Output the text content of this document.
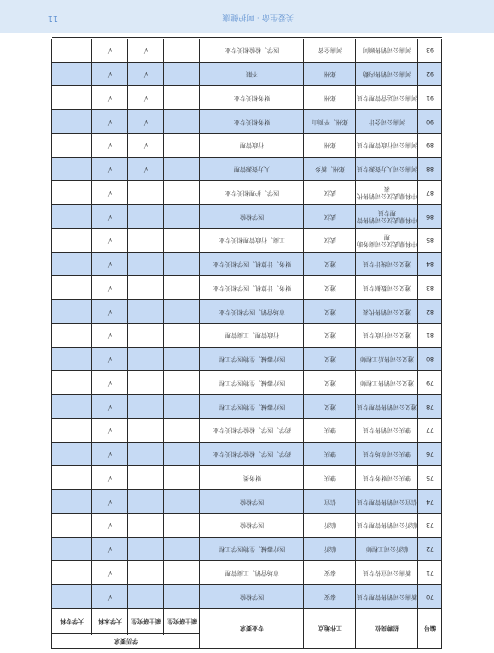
编号
招聘岗位
工作地点
专业要求
学历要求
硕士研究生
硕士研究生
大学本科
大学专科
70
新南公司销售管理专员
泰安
医学检验
√
71
新南公司宣传专员
泰安
市场营销、工商管理
√
72
临沂公司工程师
临沂
医疗器械、生物医学工程
√
73
临沂公司销售管理专员
临沂
医学检验
√
74
信宜公司销售管理专员
信宜
医学检验
√
75
肇庆公司财务专员
肇庆
财务类
√
76
肇庆公司市场专员
肇庆
药学、医学、检验学相关专业
√
77
肇庆公司销售专员
肇庆
药学、医学、检验学相关专业
√
78
遵义公司销售管理专员
遵义
医疗器械、生物医学工程
√
79
遵义公司销售工程师
遵义
医疗器械、生物医学工程
√
80
遵义公司售后工程师
遵义
医疗器械、生物医学工程
√
81
遵义公司行政专员
遵义
行政管理、工商管理
√
82
遵义公司销售代表
遵义
市场营销、医学相关专业
√
83
遵义公司数据专员
遵义
财务、计算机、医学相关专业
√
84
遵义公司统计专员
遵义
财务、计算机、医学相关专业
√
85
中科鼎武汉公司商务助理
武汉
工商、行政管理相关专业
√
86
中科鼎武汉公司销售管理专员
武汉
医学检验
√
87
中科鼎武汉公司销售代表
武汉
医学、护理相关专业
√
88
河南公司人力资源专员
郑州、新乡
人力资源管理
√
√
89
河南公司行政管理专员
郑州
行政管理
√
√
90
河南公司会计
郑州、平顶山
财务相关专业
√
√
91
河南公司运营管理专员
郑州
财务相关专业
√
√
92
河南公司销售内勤
郑州
不限
√
√
93
河南公司销售顾问
河南全省
医学、检验相关专业
√
√
关爱生命 · 呵护健康
11
